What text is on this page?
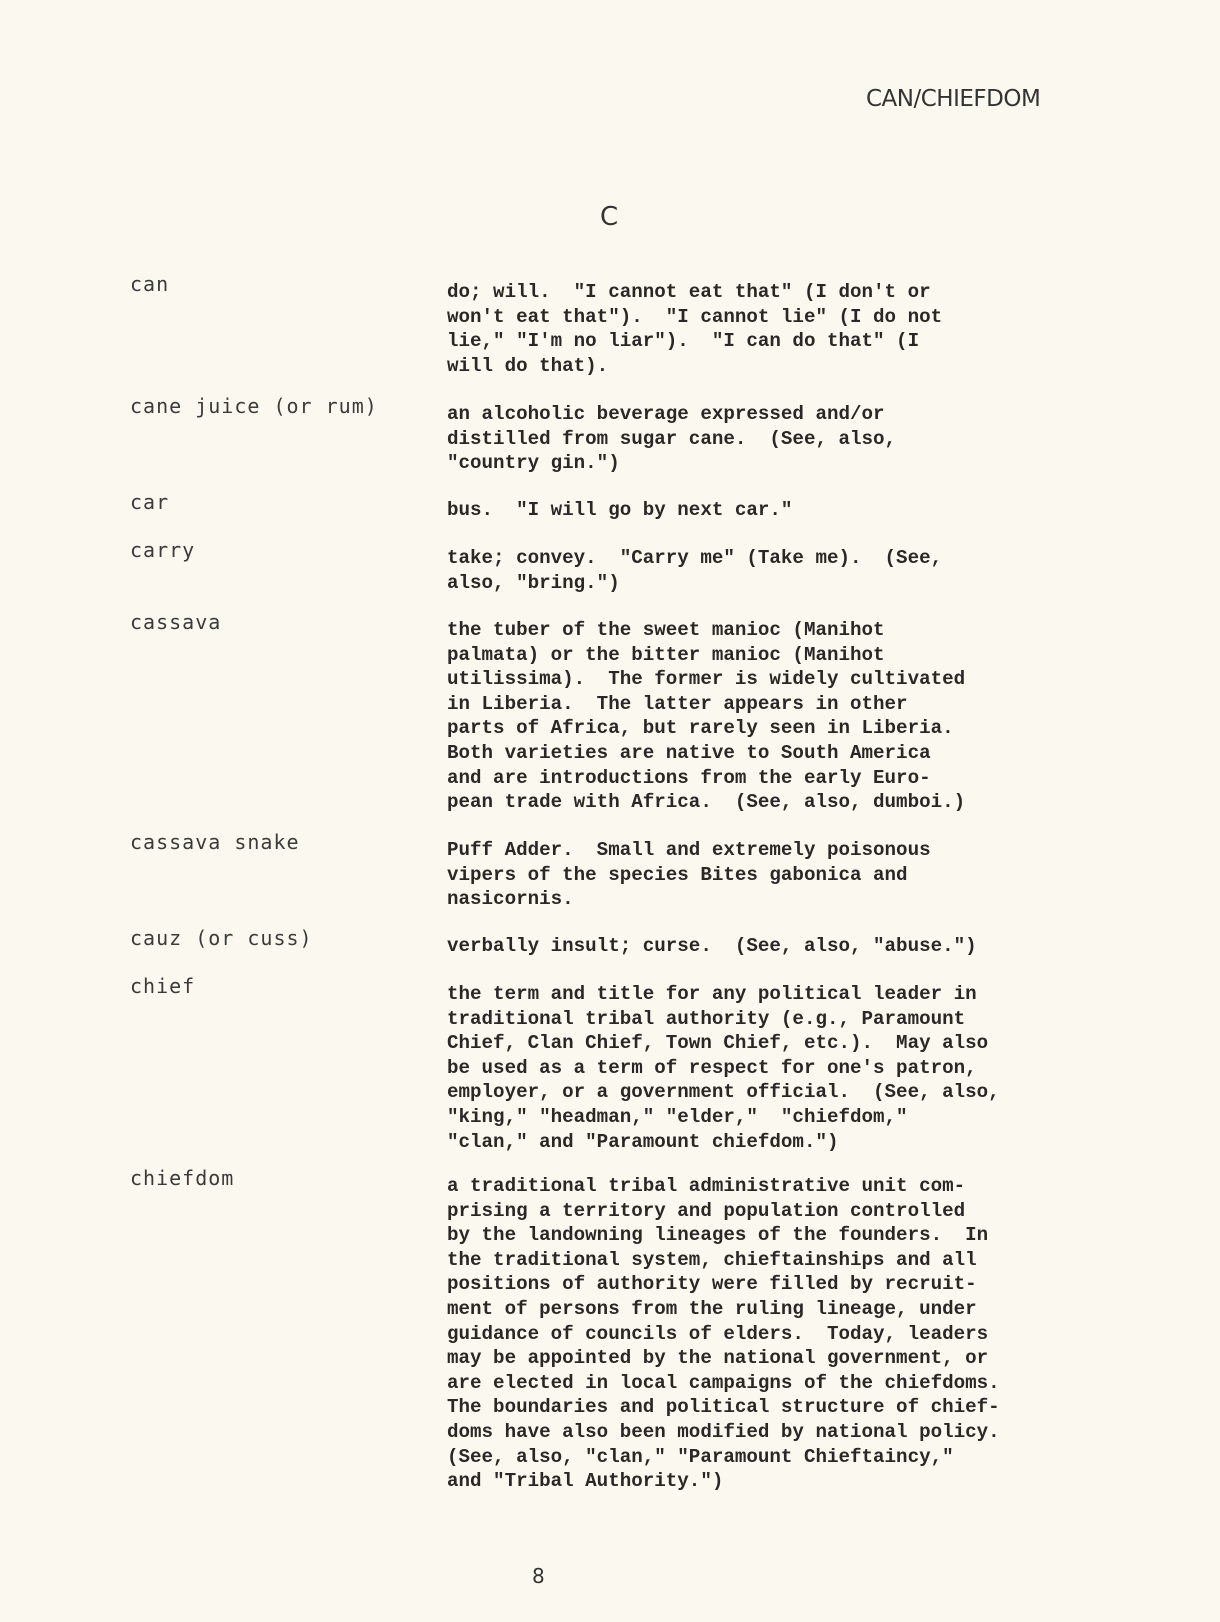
CAN/CHIEFDOM
C
can	do; will.  "I cannot eat that" (I don't or
won't eat that").  "I cannot lie" (I do not
lie," "I'm no liar").  "I can do that" (I
will do that).
cane juice (or rum)	an alcoholic beverage expressed and/or
distilled from sugar cane.  (See, also,
"country gin.")
car	bus.  "I will go by next car."
carry	take; convey.  "Carry me" (Take me).  (See,
also, "bring.")
cassava	the tuber of the sweet manioc (Manihot
palmata) or the bitter manioc (Manihot
utilissima).  The former is widely cultivated
in Liberia.  The latter appears in other
parts of Africa, but rarely seen in Liberia.
Both varieties are native to South America
and are introductions from the early Euro-
pean trade with Africa.  (See, also, dumboi.)
cassava snake	Puff Adder.  Small and extremely poisonous
vipers of the species Bites gabonica and
nasicornis.
cauz (or cuss)	verbally insult; curse.  (See, also, "abuse.")
chief	the term and title for any political leader in
traditional tribal authority (e.g., Paramount
Chief, Clan Chief, Town Chief, etc.).  May also
be used as a term of respect for one's patron,
employer, or a government official.  (See, also,
"king," "headman," "elder,"  "chiefdom,"
"clan," and "Paramount chiefdom.")
chiefdom	a traditional tribal administrative unit com-
prising a territory and population controlled
by the landowning lineages of the founders.  In
the traditional system, chieftainships and all
positions of authority were filled by recruit-
ment of persons from the ruling lineage, under
guidance of councils of elders.  Today, leaders
may be appointed by the national government, or
are elected in local campaigns of the chiefdoms.
The boundaries and political structure of chief-
doms have also been modified by national policy.
(See, also, "clan," "Paramount Chieftaincy,"
and "Tribal Authority.")
8
